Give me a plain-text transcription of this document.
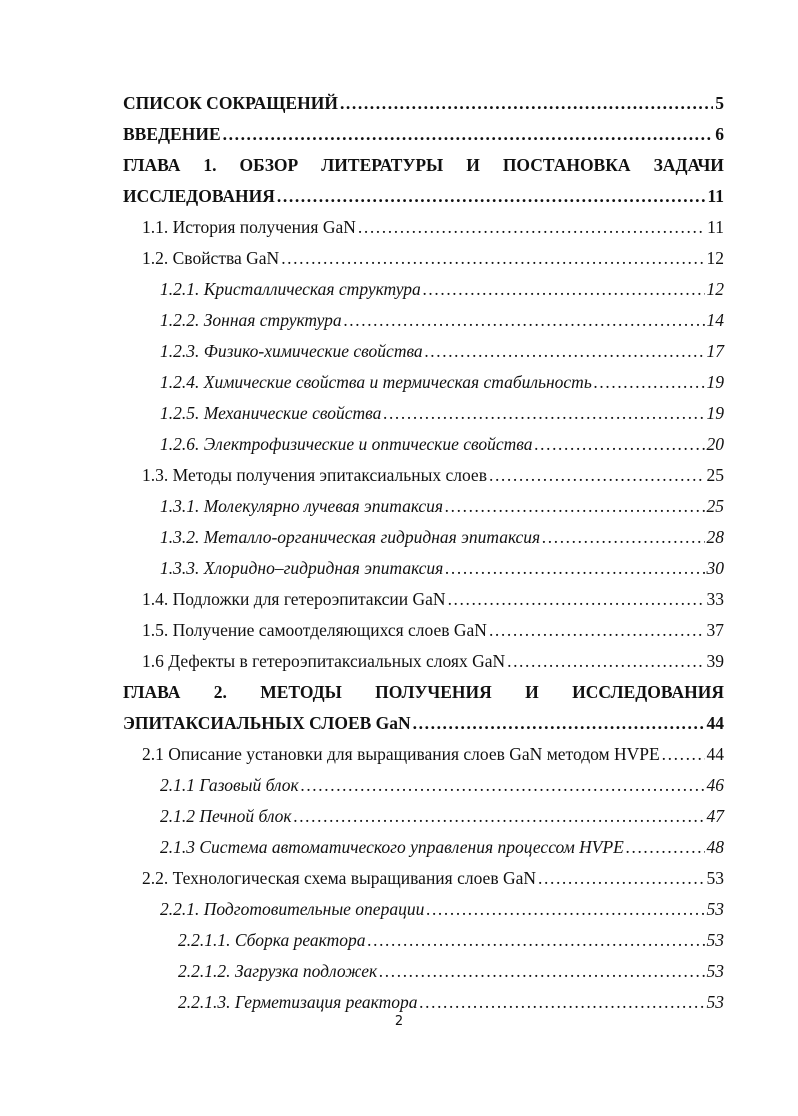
СПИСОК СОКРАЩЕНИЙ .....	5
ВВЕДЕНИЕ .....	6
ГЛАВА 1. ОБЗОР ЛИТЕРАТУРЫ И ПОСТАНОВКА ЗАДАЧИ
ИССЛЕДОВАНИЯ .....	11
1.1. История получения GaN .....	11
1.2. Свойства GaN .....	12
1.2.1. Кристаллическая структура .....	12
1.2.2. Зонная структура .....	14
1.2.3. Физико-химические свойства .....	17
1.2.4. Химические свойства и термическая стабильность .....	19
1.2.5. Механические свойства .....	19
1.2.6. Электрофизические и оптические свойства .....	20
1.3. Методы получения эпитаксиальных слоев .....	25
1.3.1. Молекулярно лучевая эпитаксия .....	25
1.3.2. Металло-органическая гидридная эпитаксия .....	28
1.3.3. Хлоридно–гидридная эпитаксия .....	30
1.4. Подложки для гетероэпитаксии GaN .....	33
1.5. Получение самоотделяющихся слоев GaN .....	37
1.6 Дефекты в гетероэпитаксиальных слоях GaN .....	39
ГЛАВА 2. МЕТОДЫ ПОЛУЧЕНИЯ И ИССЛЕДОВАНИЯ
ЭПИТАКСИАЛЬНЫХ СЛОЕВ GaN .....	44
2.1 Описание установки для выращивания слоев GaN методом HVPE .....	44
2.1.1 Газовый блок .....	46
2.1.2 Печной блок .....	47
2.1.3 Система автоматического управления процессом HVPE .....	48
2.2. Технологическая схема выращивания слоев GaN .....	53
2.2.1. Подготовительные операции .....	53
2.2.1.1. Сборка реактора .....	53
2.2.1.2. Загрузка подложек .....	53
2.2.1.3. Герметизация реактора .....	53
2
